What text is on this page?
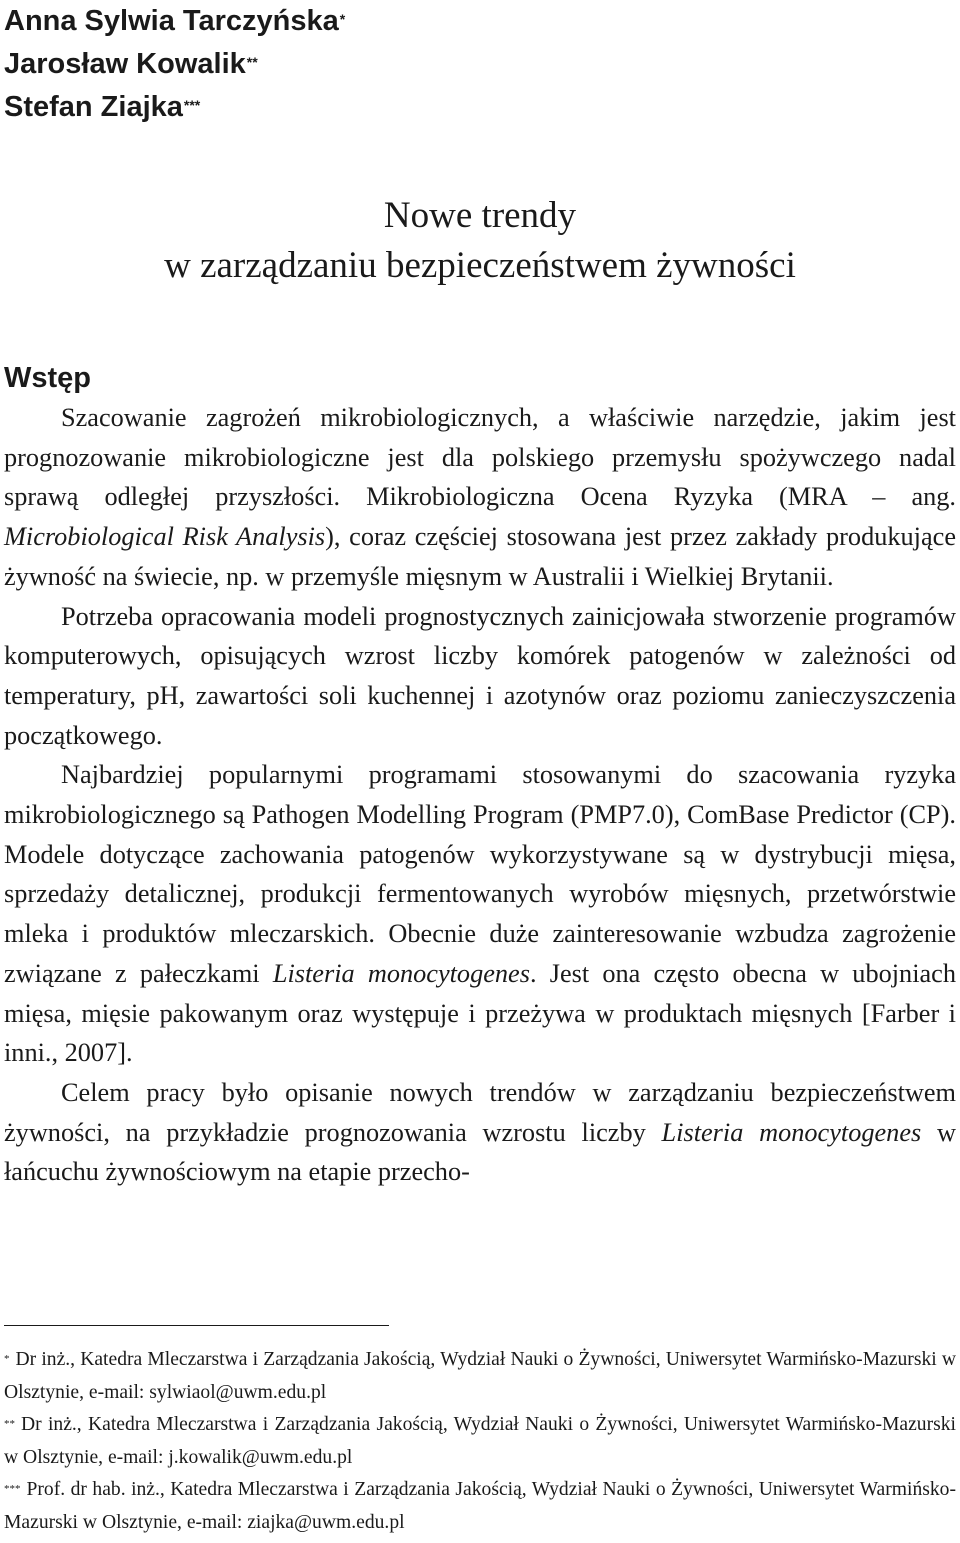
Anna Sylwia Tarczyńska*
Jarosław Kowalik**
Stefan Ziajka***
Nowe trendy
w zarządzaniu bezpieczeństwem żywności
Wstęp

Szacowanie zagrożeń mikrobiologicznych, a właściwie narzędzie, jakim jest prognozowanie mikrobiologiczne jest dla polskiego przemysłu spożywczego nadal sprawą odległej przyszłości. Mikrobiologiczna Ocena Ryzyka (MRA – ang. Microbiological Risk Analysis), coraz częściej stosowana jest przez zakłady produkujące żywność na świecie, np. w przemyśle mięsnym w Australii i Wielkiej Brytanii.

Potrzeba opracowania modeli prognostycznych zainicjowała stworzenie programów komputerowych, opisujących wzrost liczby komórek patogenów w zależności od temperatury, pH, zawartości soli kuchennej i azotynów oraz poziomu zanieczyszczenia początkowego.

Najbardziej popularnymi programami stosowanymi do szacowania ryzyka mikrobiologicznego są Pathogen Modelling Program (PMP7.0), ComBase Predictor (CP). Modele dotyczące zachowania patogenów wykorzystywane są w dystrybucji mięsa, sprzedaży detalicznej, produkcji fermentowanych wyrobów mięsnych, przetwórstwie mleka i produktów mleczarskich. Obecnie duże zainteresowanie wzbudza zagrożenie związane z pałeczkami Listeria monocytogenes. Jest ona często obecna w ubojniach mięsa, mięsie pakowanym oraz występuje i przeżywa w produktach mięsnych [Farber i inni., 2007].

Celem pracy było opisanie nowych trendów w zarządzaniu bezpieczeństwem żywności, na przykładzie prognozowania wzrostu liczby Listeria monocytogenes w łańcuchu żywnościowym na etapie przecho-

* Dr inż., Katedra Mleczarstwa i Zarządzania Jakością, Wydział Nauki o Żywności, Uniwersytet Warmińsko-Mazurski w Olsztynie, e-mail: sylwiaol@uwm.edu.pl

** Dr inż., Katedra Mleczarstwa i Zarządzania Jakością, Wydział Nauki o Żywności, Uniwersytet Warmińsko-Mazurski w Olsztynie, e-mail: j.kowalik@uwm.edu.pl

*** Prof. dr hab. inż., Katedra Mleczarstwa i Zarządzania Jakością, Wydział Nauki o Żywności, Uniwersytet Warmińsko-Mazurski w Olsztynie, e-mail: ziajka@uwm.edu.pl
